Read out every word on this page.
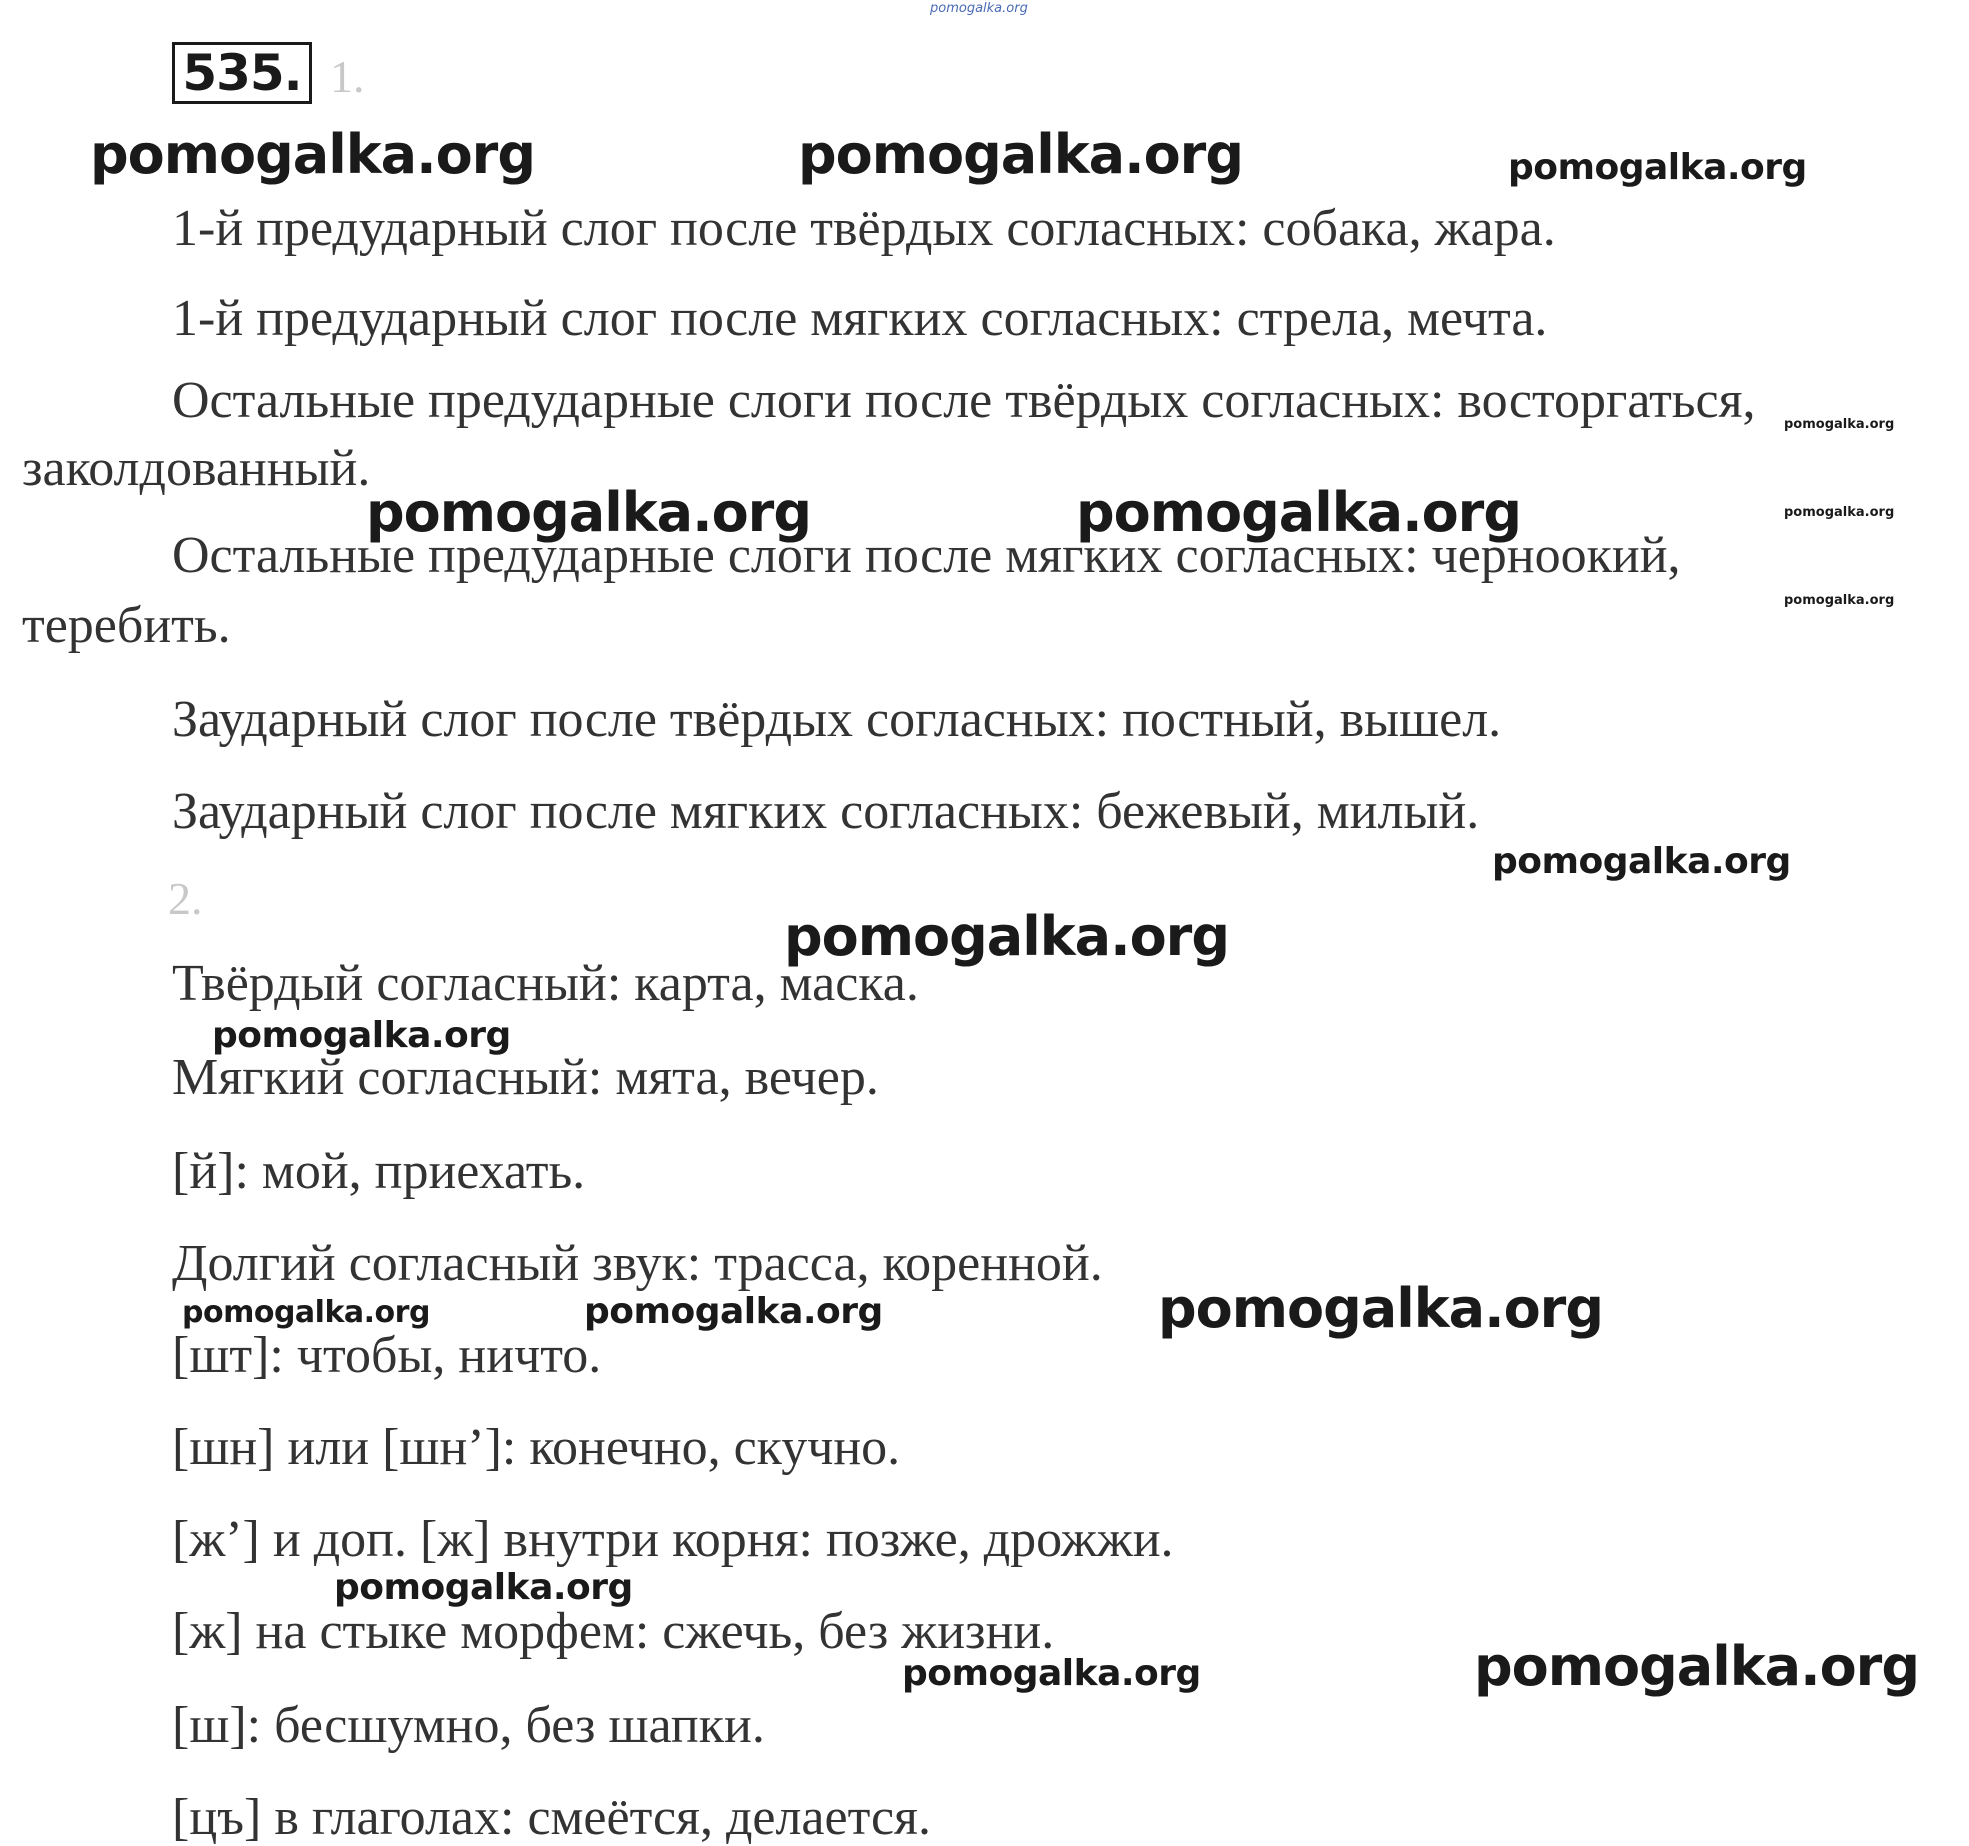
pomogalka.org
535. 1.
pomogalka.org	pomogalka.org	pomogalka.org
1-й предударный слог после твёрдых согласных: собака, жара.
1-й предударный слог после мягких согласных: стрела, мечта.
Остальные предударные слоги после твёрдых согласных: восторгаться, pomogalka.org
заколдованный.
pomogalka.org	pomogalka.org	pomogalka.org
Остальные предударные слоги после мягких согласных: черноокий,
pomogalka.org
теребить.
Заударный слог после твёрдых согласных: постный, вышел.
Заударный слог после мягких согласных: бежевый, милый.
pomogalka.org
2.
pomogalka.org
Твёрдый согласный: карта, маска.
pomogalka.org
Мягкий согласный: мята, вечер.
[й]: мой, приехать.
Долгий согласный звук: трасса, коренной.
pomogalka.org	pomogalka.org	pomogalka.org
[шт]: чтобы, ничто.
[шн] или [шн’]: конечно, скучно.
[ж’] и доп. [ж] внутри корня: позже, дрожжи.
pomogalka.org
[ж] на стыке морфем: сжечь, без жизни.
pomogalka.org	pomogalka.org
[ш]: бесшумно, без шапки.
[цъ] в глаголах: смеётся, делается.
